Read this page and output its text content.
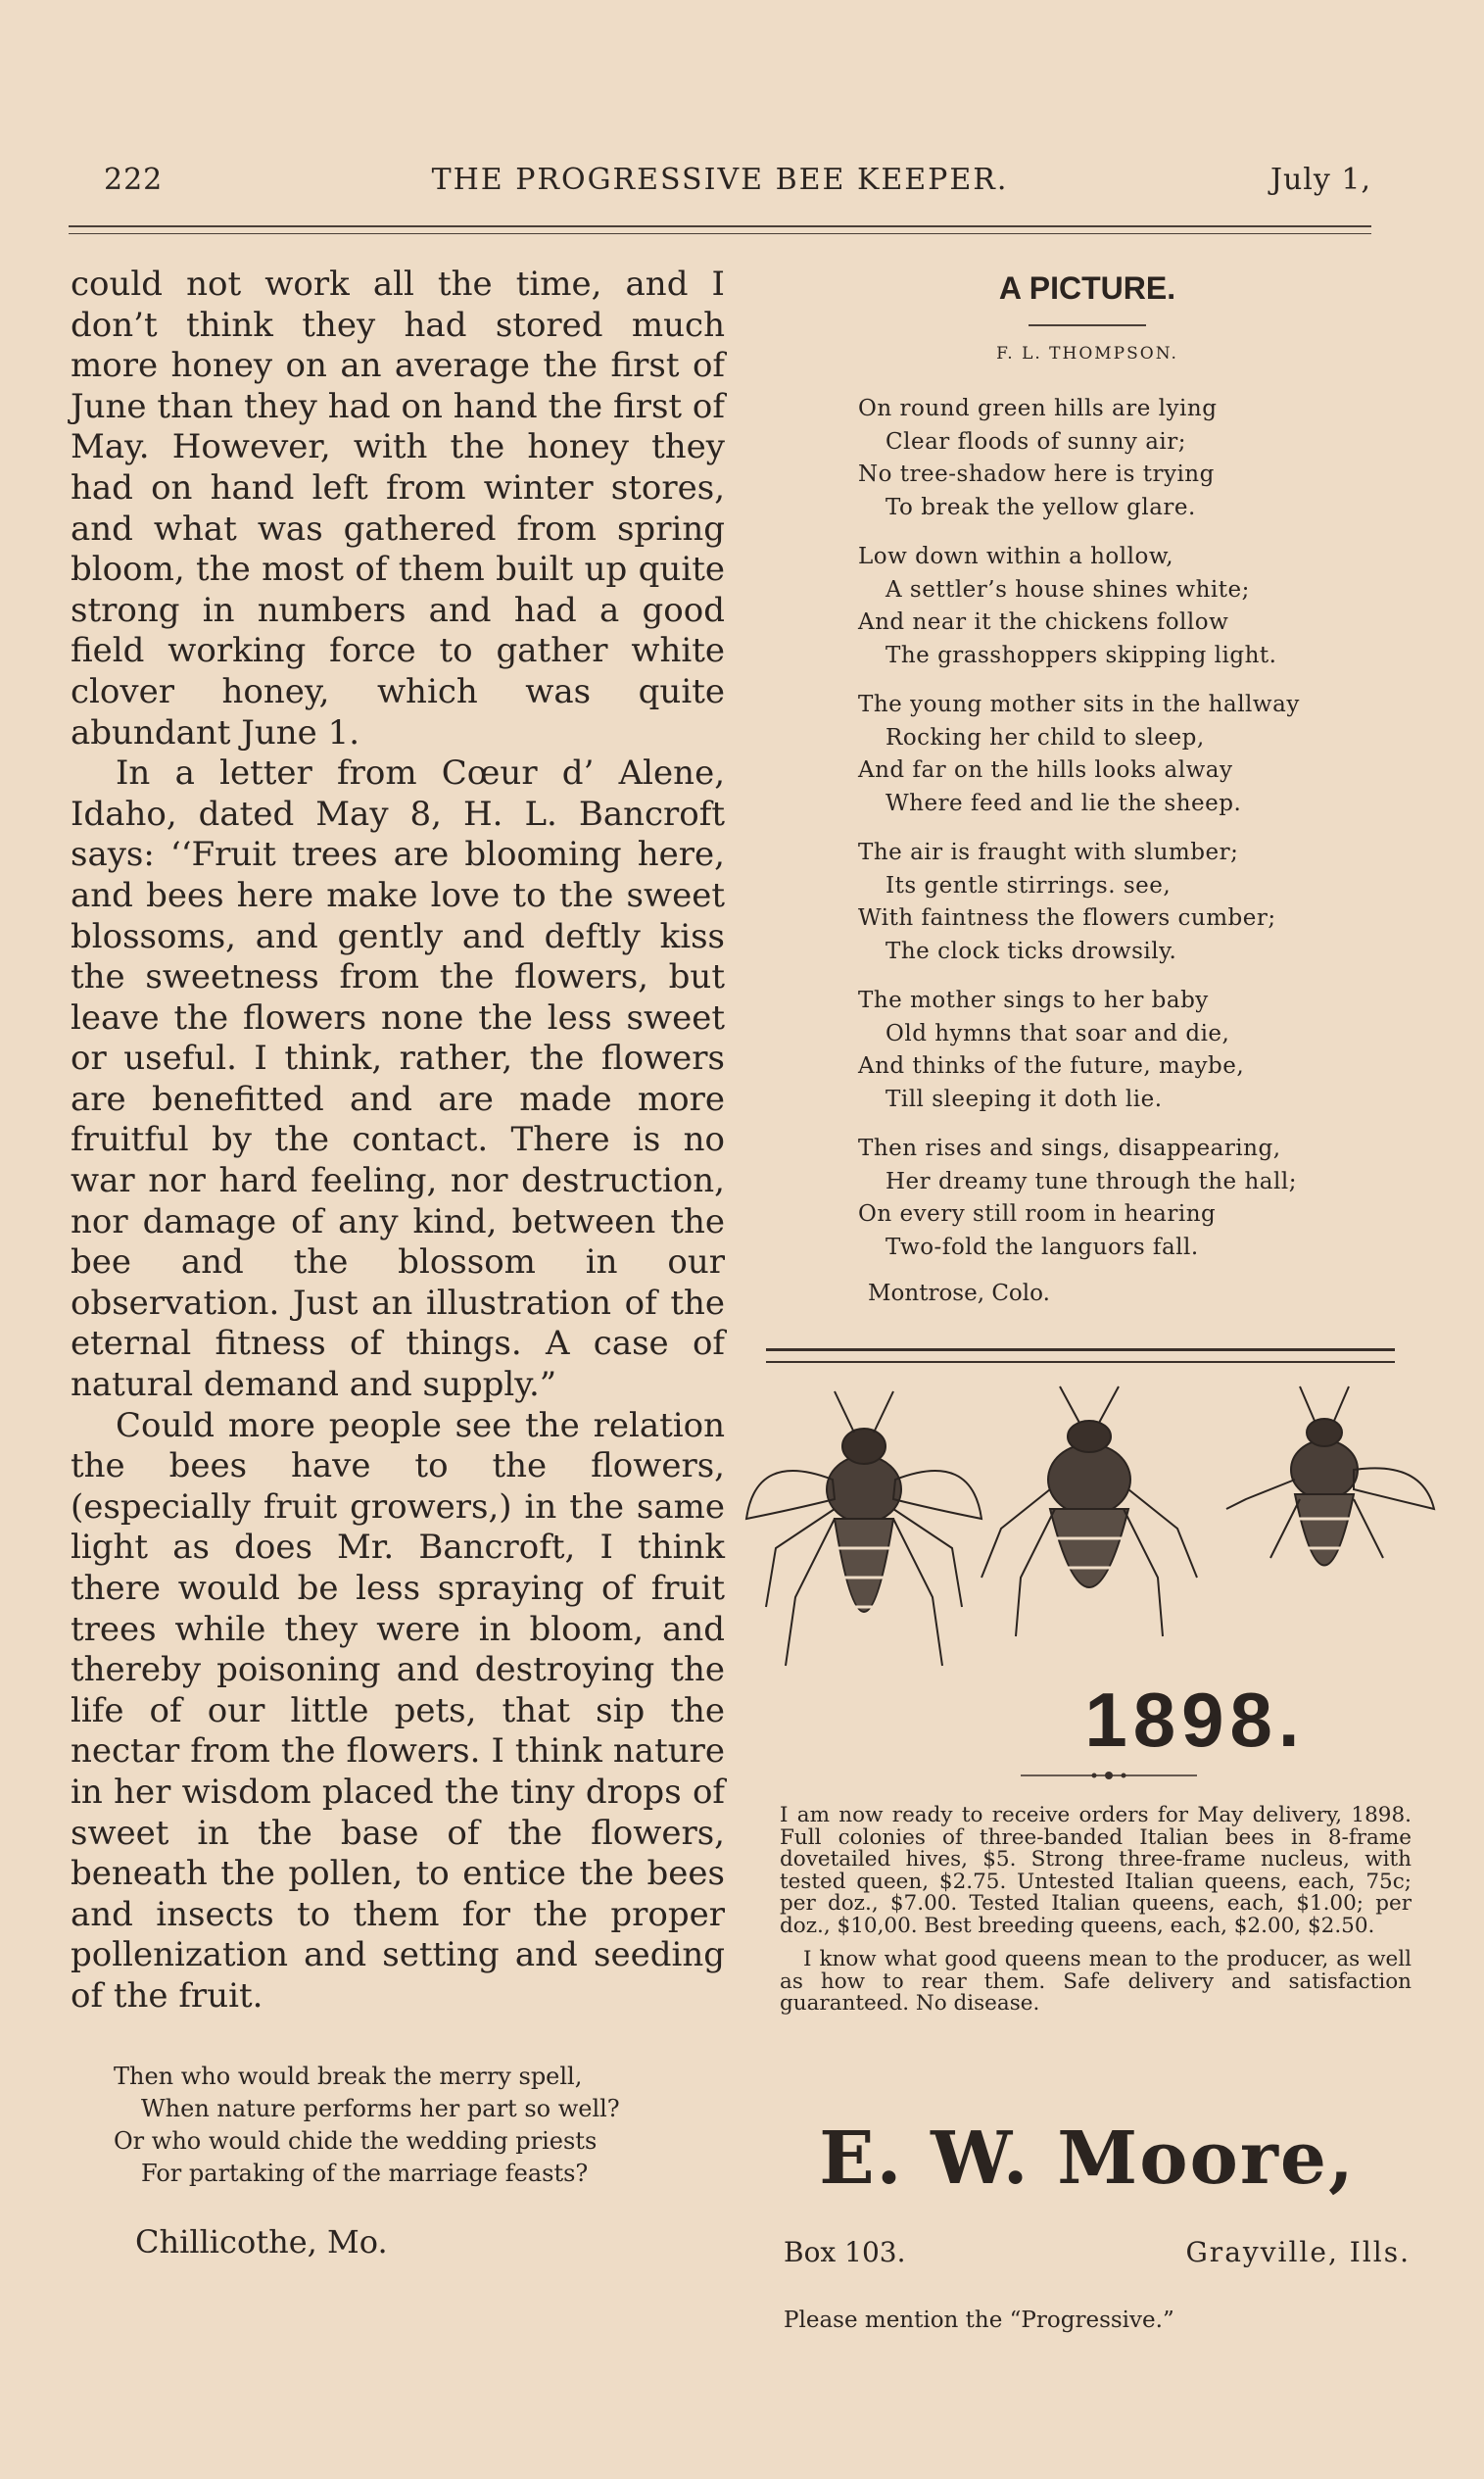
222	THE PROGRESSIVE BEE KEEPER.	July 1,

could not work all the time, and I don’t think they had stored much more honey on an average the first of June than they had on hand the first of May. However, with the honey they had on hand left from winter stores, and what was gathered from spring bloom, the most of them built up quite strong in numbers and had a good field working force to gather white clover honey, which was quite abundant June 1.

In a letter from Cœur d’ Alene, Idaho, dated May 8, H. L. Bancroft says: ‘‘Fruit trees are blooming here, and bees here make love to the sweet blossoms, and gently and deftly kiss the sweetness from the flowers, but leave the flowers none the less sweet or useful. I think, rather, the flowers are benefitted and are made more fruitful by the contact. There is no war nor hard feeling, nor destruction, nor damage of any kind, between the bee and the blossom in our observation. Just an illustration of the eternal fitness of things. A case of natural demand and supply.”

Could more people see the relation the bees have to the flowers, (especially fruit growers,) in the same light as does Mr. Bancroft, I think there would be less spraying of fruit trees while they were in bloom, and thereby poisoning and destroying the life of our little pets, that sip the nectar from the flowers. I think nature in her wisdom placed the tiny drops of sweet in the base of the flowers, beneath the pollen, to entice the bees and insects to them for the proper pollenization and setting and seeding of the fruit.

Then who would break the merry spell,
When nature performs her part so well?
Or who would chide the wedding priests
For partaking of the marriage feasts?
Chillicothe, Mo.
A PICTURE.
F. L. THOMPSON.
On round green hills are lying
Clear floods of sunny air;
No tree-shadow here is trying
To break the yellow glare.
Low down within a hollow,
A settler’s house shines white;
And near it the chickens follow
The grasshoppers skipping light.
The young mother sits in the hallway
Rocking her child to sleep,
And far on the hills looks alway
Where feed and lie the sheep.
The air is fraught with slumber;
Its gentle stirrings. see,
With faintness the flowers cumber;
The clock ticks drowsily.
The mother sings to her baby
Old hymns that soar and die,
And thinks of the future, maybe,
Till sleeping it doth lie.
Then rises and sings, disappearing,
Her dreamy tune through the hall;
On every still room in hearing
Two-fold the languors fall.
Montrose, Colo.
1898.

I am now ready to receive orders for May delivery, 1898. Full colonies of three-banded Italian bees in 8-frame dovetailed hives, $5. Strong three-frame nucleus, with tested queen, $2.75. Untested Italian queens, each, 75c; per doz., $7.00. Tested Italian queens, each, $1.00; per doz., $10,00. Best breeding queens, each, $2.00, $2.50.

I know what good queens mean to the producer, as well as how to rear them. Safe delivery and satisfaction guaranteed. No disease.

E. W. Moore,
Box 103.	Grayville, Ills.
Please mention the “Progressive.”
